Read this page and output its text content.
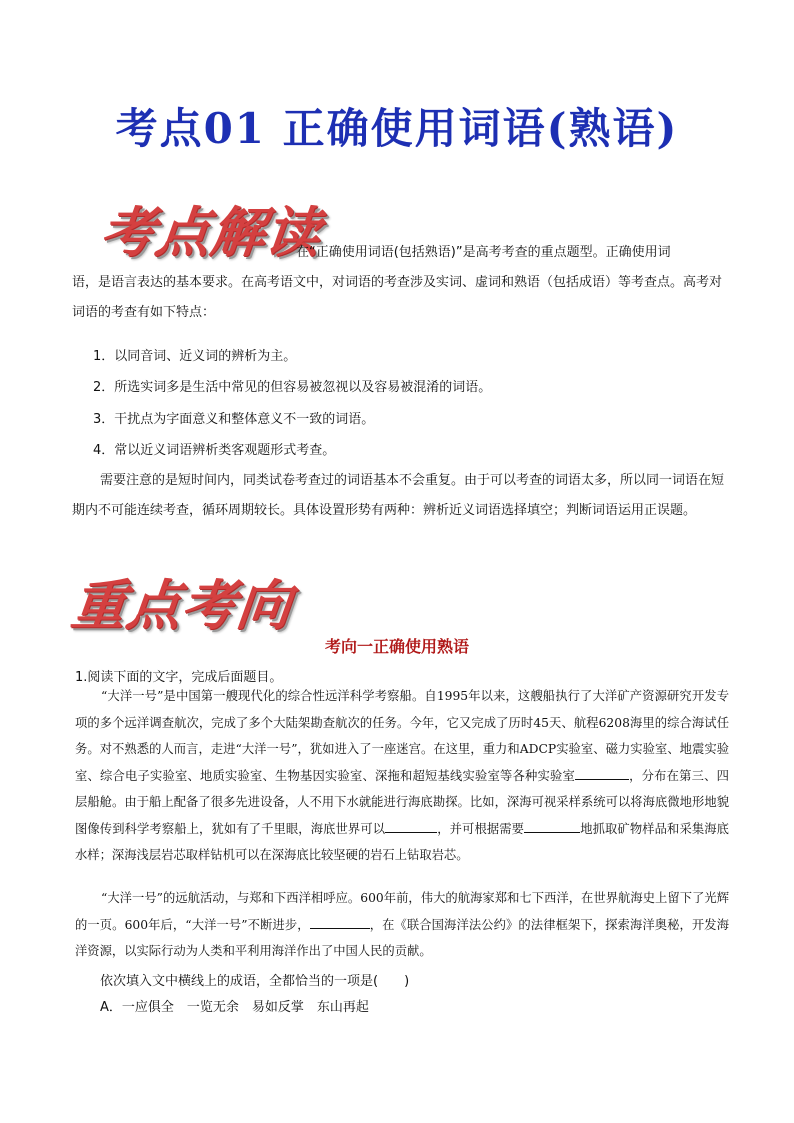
考点01 正确使用词语(熟语)
考点解读
在“正确使用词语(包括熟语)”是高考考查的重点题型。正确使用词
语，是语言表达的基本要求。在高考语文中，对词语的考查涉及实词、虚词和熟语（包括成语）等考查点。高考对词语的考查有如下特点：
1．以同音词、近义词的辨析为主。
2．所选实词多是生活中常见的但容易被忽视以及容易被混淆的词语。
3．干扰点为字面意义和整体意义不一致的词语。
4．常以近义词语辨析类客观题形式考查。
需要注意的是短时间内，同类试卷考查过的词语基本不会重复。由于可以考查的词语太多，所以同一词语在短期内不可能连续考查，循环周期较长。具体设置形势有两种：辨析近义词语选择填空；判断词语运用正误题。
重点考向
考向一正确使用熟语
1.阅读下面的文字，完成后面题目。
“大洋一号”是中国第一艘现代化的综合性远洋科学考察船。自1995年以来，这艘船执行了大洋矿产资源研究开发专项的多个远洋调查航次，完成了多个大陆架勘查航次的任务。今年，它又完成了历时45天、航程6208海里的综合海试任务。对不熟悉的人而言，走进“大洋一号”，犹如进入了一座迷宫。在这里，重力和ADCP实验室、磁力实验室、地震实验室、综合电子实验室、地质实验室、生物基因实验室、深拖和超短基线实验室等各种实验室	，分布在第三、四层船舱。由于船上配备了很多先进设备，人不用下水就能进行海底勘探。比如，深海可视采样系统可以将海底微地形地貌图像传到科学考察船上，犹如有了千里眼，海底世界可以	，并可根据需要	地抓取矿物样品和采集海底水样；深海浅层岩芯取样钻机可以在深海底比较坚硬的岩石上钻取岩芯。
“大洋一号”的远航活动，与郑和下西洋相呼应。600年前，伟大的航海家郑和七下西洋，在世界航海史上留下了光辉的一页。600年后，“大洋一号”不断进步，	，在《联合国海洋法公约》的法律框架下，探索海洋奥秘，开发海洋资源，以实际行动为人类和平利用海洋作出了中国人民的贡献。
依次填入文中横线上的成语，全都恰当的一项是(　　)
A．一应俱全　一览无余　易如反掌　东山再起
